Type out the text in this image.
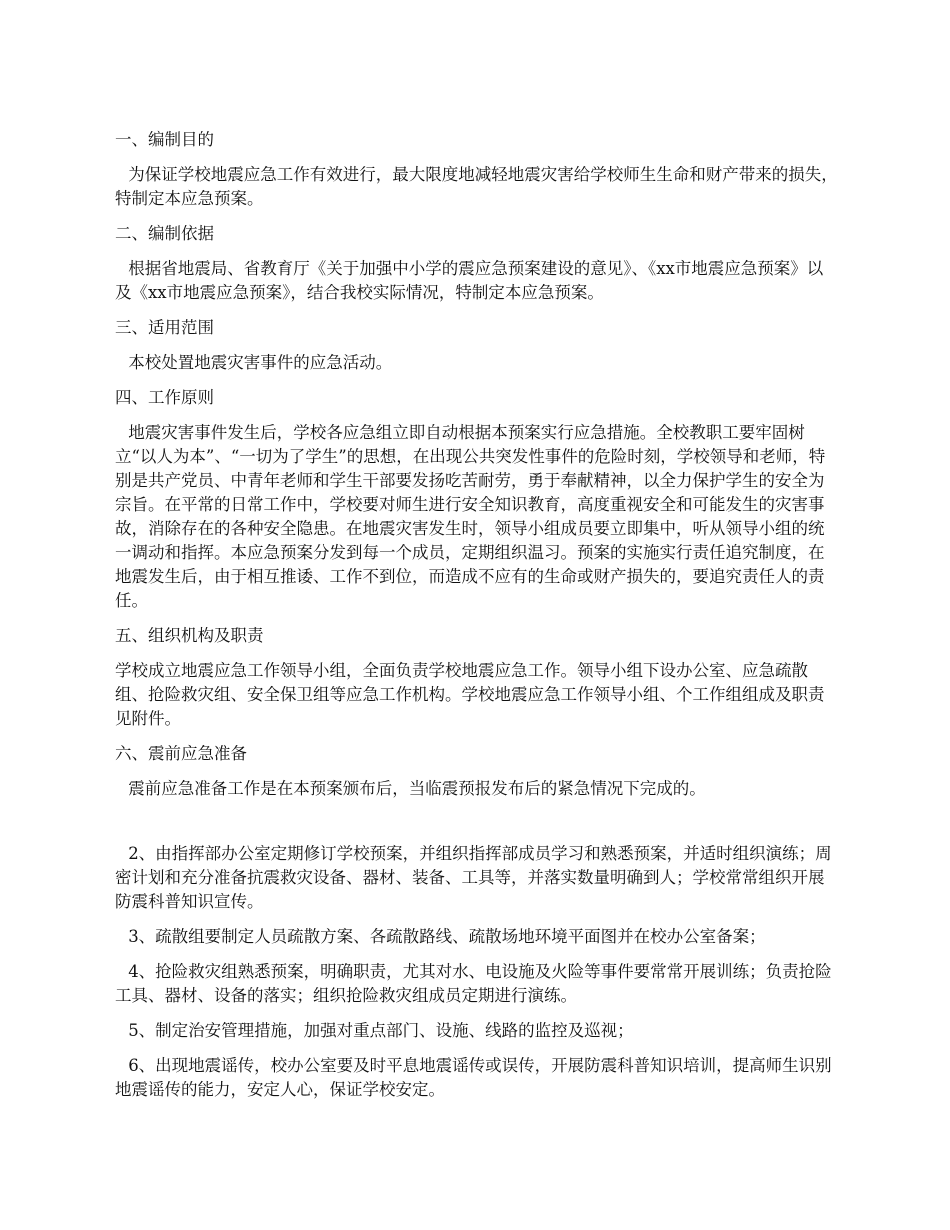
一、编制目的
为保证学校地震应急工作有效进行，最大限度地减轻地震灾害给学校师生生命和财产带来的损失，特制定本应急预案。
二、编制依据
根据省地震局、省教育厅《关于加强中小学的震应急预案建设的意见》、《xx市地震应急预案》以及《xx市地震应急预案》，结合我校实际情况，特制定本应急预案。
三、适用范围
本校处置地震灾害事件的应急活动。
四、工作原则
地震灾害事件发生后，学校各应急组立即自动根据本预案实行应急措施。全校教职工要牢固树立“以人为本”、“一切为了学生”的思想，在出现公共突发性事件的危险时刻，学校领导和老师，特别是共产党员、中青年老师和学生干部要发扬吃苦耐劳，勇于奉献精神，以全力保护学生的安全为宗旨。在平常的日常工作中，学校要对师生进行安全知识教育，高度重视安全和可能发生的灾害事故，消除存在的各种安全隐患。在地震灾害发生时，领导小组成员要立即集中，听从领导小组的统一调动和指挥。本应急预案分发到每一个成员，定期组织温习。预案的实施实行责任追究制度，在地震发生后，由于相互推诿、工作不到位，而造成不应有的生命或财产损失的，要追究责任人的责任。
五、组织机构及职责
学校成立地震应急工作领导小组，全面负责学校地震应急工作。领导小组下设办公室、应急疏散组、抢险救灾组、安全保卫组等应急工作机构。学校地震应急工作领导小组、个工作组组成及职责见附件。
六、震前应急准备
震前应急准备工作是在本预案颁布后，当临震预报发布后的紧急情况下完成的。
2、由指挥部办公室定期修订学校预案，并组织指挥部成员学习和熟悉预案，并适时组织演练；周密计划和充分准备抗震救灾设备、器材、装备、工具等，并落实数量明确到人；学校常常组织开展防震科普知识宣传。
3、疏散组要制定人员疏散方案、各疏散路线、疏散场地环境平面图并在校办公室备案；
4、抢险救灾组熟悉预案，明确职责，尤其对水、电设施及火险等事件要常常开展训练；负责抢险工具、器材、设备的落实；组织抢险救灾组成员定期进行演练。
5、制定治安管理措施，加强对重点部门、设施、线路的监控及巡视；
6、出现地震谣传，校办公室要及时平息地震谣传或误传，开展防震科普知识培训，提高师生识别地震谣传的能力，安定人心，保证学校安定。
